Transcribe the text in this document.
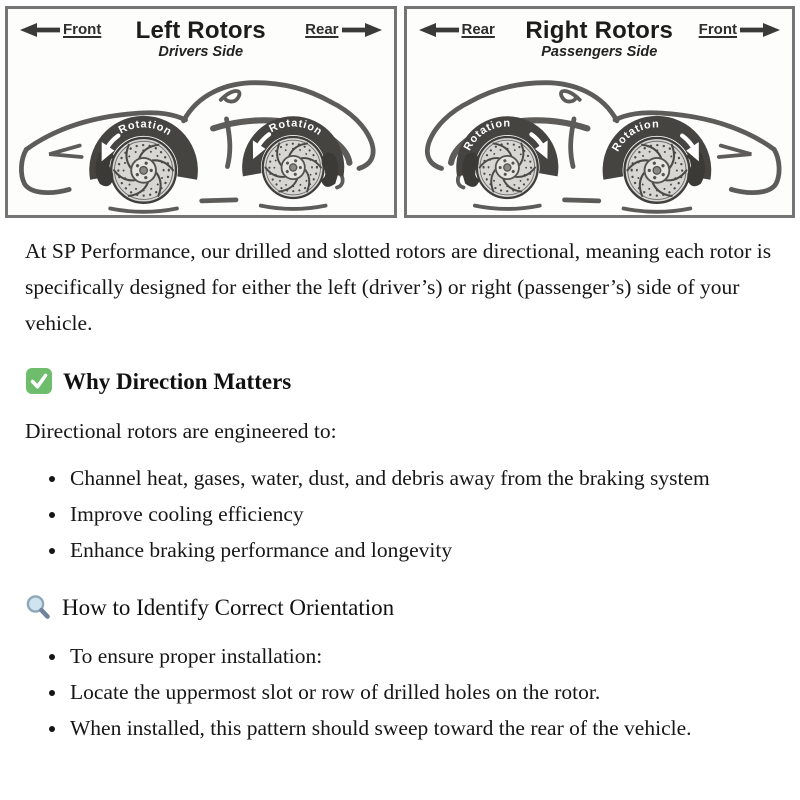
Front Left Rotors
Drivers Side
Rear
Rotation	Rotation
Rear Right Rotors
Passengers Side
Front
Rotation
Rotation

At SP Performance, our drilled and slotted rotors are directional, meaning each rotor is specifically designed for either the left (driver’s) or right (passenger’s) side of your vehicle.

Why Direction Matters

Directional rotors are engineered to:

• Channel heat, gases, water, dust, and debris away from the braking system
• Improve cooling efficiency
• Enhance braking performance and longevity
How to Identify Correct Orientation
• To ensure proper installation:
• Locate the uppermost slot or row of drilled holes on the rotor.
• When installed, this pattern should sweep toward the rear of the vehicle.
